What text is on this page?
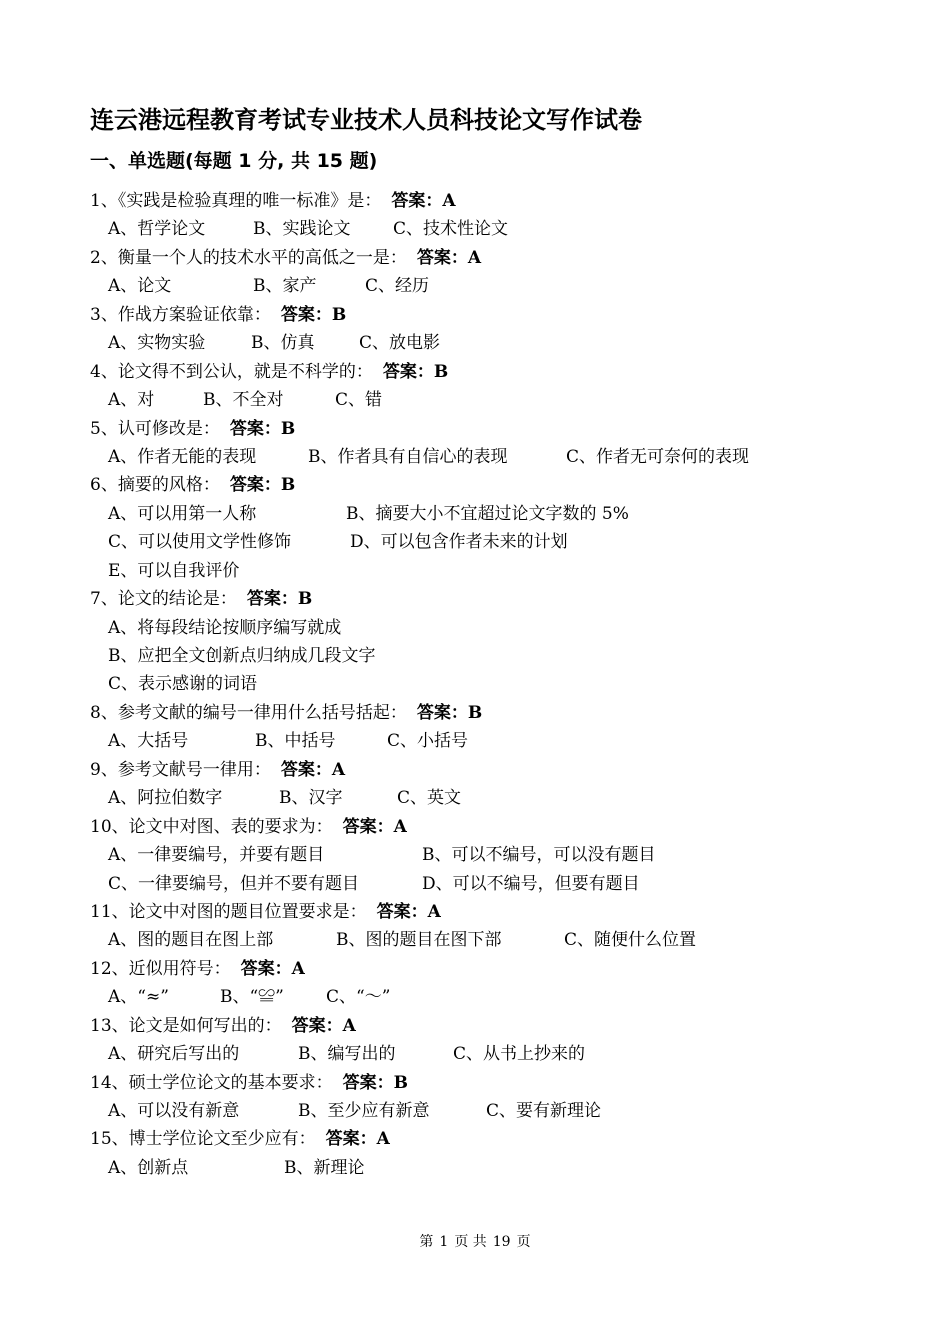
连云港远程教育考试专业技术人员科技论文写作试卷
一、单选题(每题 1 分, 共 15 题)
1、《实践是检验真理的唯一标准》是： 答案：A
A、哲学论文	B、实践论文	C、技术性论文
2、衡量一个人的技术水平的高低之一是： 答案：A
A、论文	B、家产	C、经历
3、作战方案验证依靠： 答案：B
A、实物实验	B、仿真	C、放电影
4、论文得不到公认，就是不科学的： 答案：B
A、对	B、不全对	C、错
5、认可修改是： 答案：B
A、作者无能的表现	B、作者具有自信心的表现	C、作者无可奈何的表现
6、摘要的风格： 答案：B
A、可以用第一人称	B、摘要大小不宜超过论文字数的 5%
C、可以使用文学性修饰	D、可以包含作者未来的计划
E、可以自我评价
7、论文的结论是： 答案：B
A、将每段结论按顺序编写就成
B、应把全文创新点归纳成几段文字
C、表示感谢的词语
8、参考文献的编号一律用什么括号括起： 答案：B
A、大括号	B、中括号	C、小括号
9、参考文献号一律用： 答案：A
A、阿拉伯数字	B、汉字	C、英文
10、论文中对图、表的要求为： 答案：A
A、一律要编号，并要有题目	B、可以不编号，可以没有题目
C、一律要编号，但并不要有题目	D、可以不编号，但要有题目
11、论文中对图的题目位置要求是： 答案：A
A、图的题目在图上部	B、图的题目在图下部	C、随便什么位置
12、近似用符号： 答案：A
A、“≈”	B、“≌” C、“～”
13、论文是如何写出的： 答案：A
A、研究后写出的	B、编写出的	C、从书上抄来的
14、硕士学位论文的基本要求： 答案：B
A、可以没有新意	B、至少应有新意	C、要有新理论
15、博士学位论文至少应有： 答案：A
A、创新点	B、新理论
第 1 页 共 19 页
